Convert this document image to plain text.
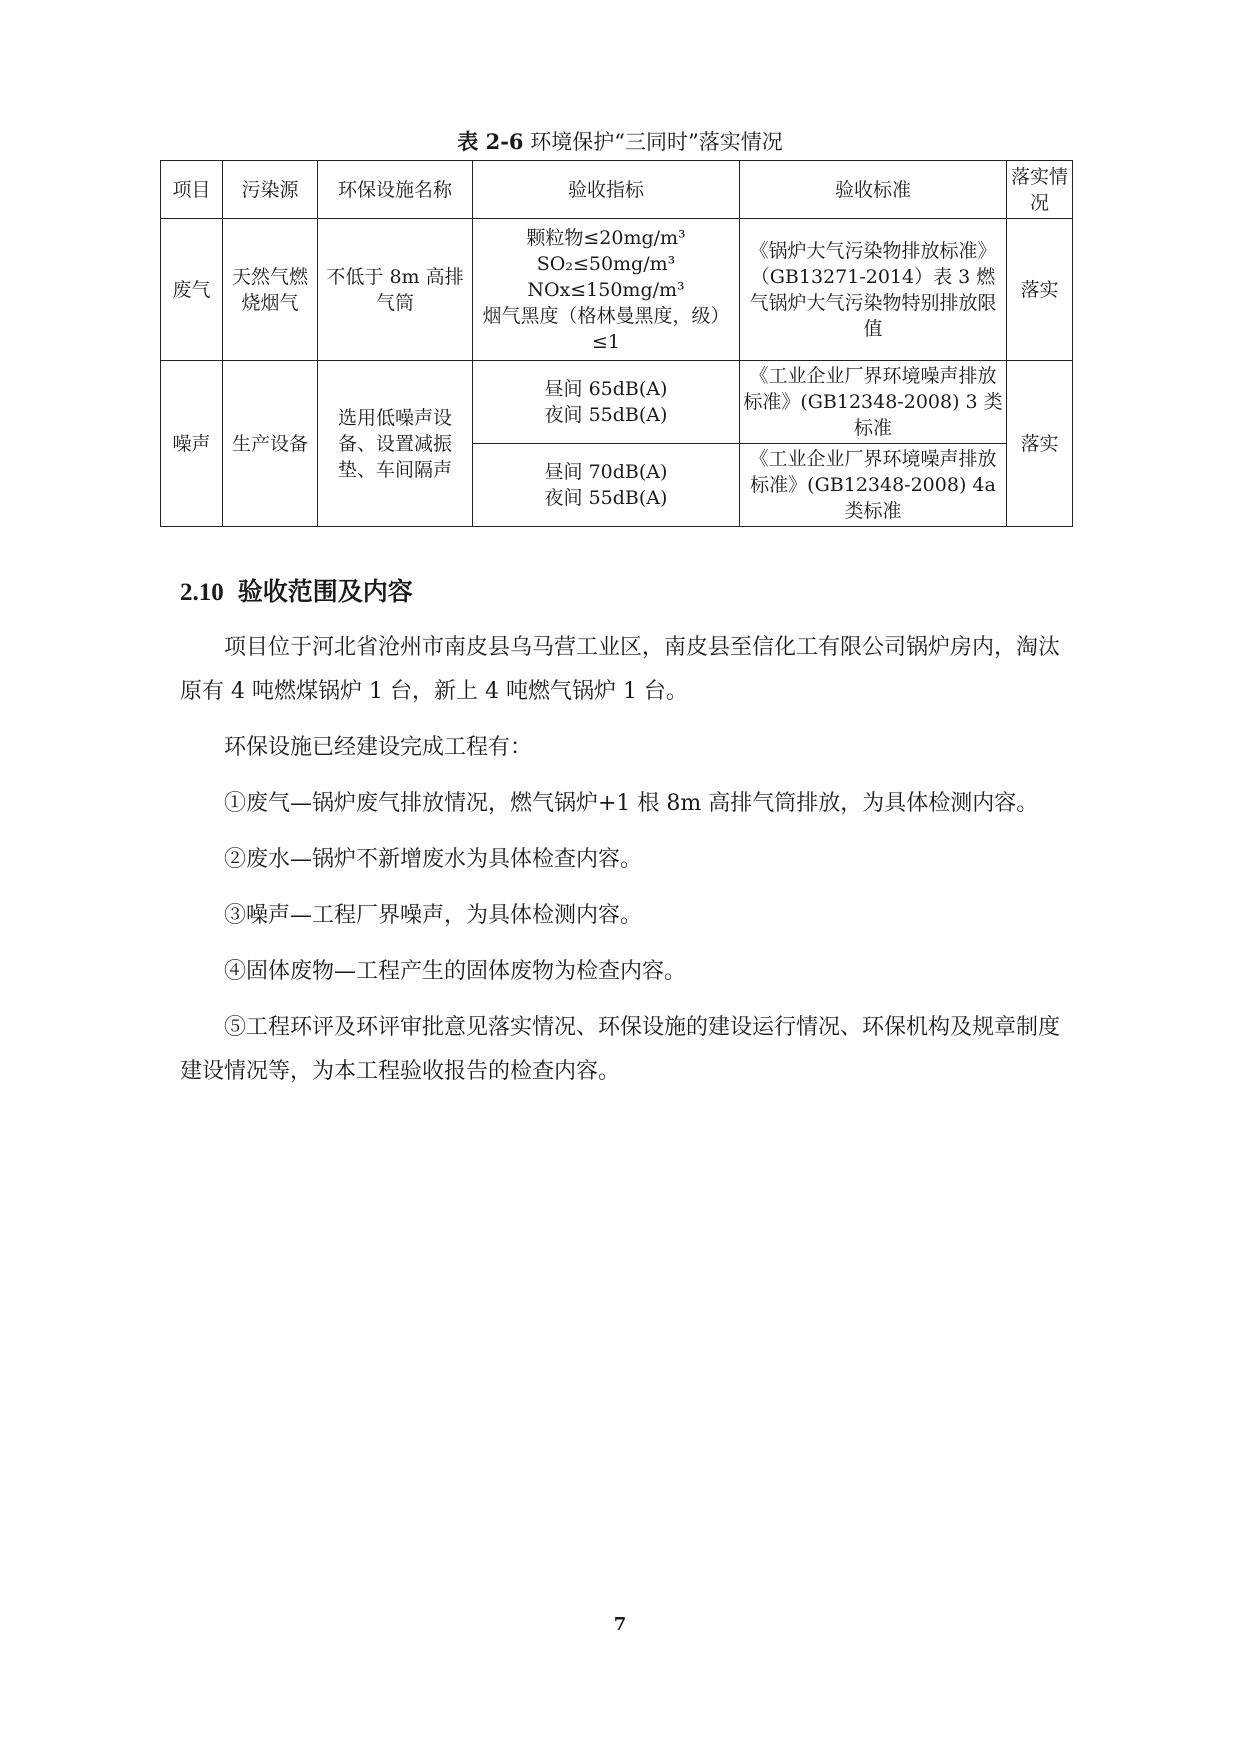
表 2-6 环境保护“三同时”落实情况
项目	污染源	环保设施名称	验收指标	验收标准	落实情况
废气	天然气燃烧烟气	不低于 8m 高排气筒	颗粒物≤20mg/m³
SO₂≤50mg/m³
NOx≤150mg/m³
烟气黑度（格林曼黑度，级）≤1	《锅炉大气污染物排放标准》（GB13271-2014）表 3 燃气锅炉大气污染物特别排放限值	落实
噪声	生产设备	选用低噪声设备、设置减振垫、车间隔声	昼间 65dB(A)
夜间 55dB(A)	《工业企业厂界环境噪声排放标准》(GB12348-2008) 3 类标准	落实

			昼间 70dB(A)
夜间 55dB(A)	《工业企业厂界环境噪声排放标准》(GB12348-2008) 4a 类标准	
2.10 验收范围及内容

项目位于河北省沧州市南皮县乌马营工业区，南皮县至信化工有限公司锅炉房内，淘汰原有 4 吨燃煤锅炉 1 台，新上 4 吨燃气锅炉 1 台。

环保设施已经建设完成工程有：

①废气—锅炉废气排放情况，燃气锅炉+1 根 8m 高排气筒排放，为具体检测内容。

②废水—锅炉不新增废水为具体检查内容。

③噪声—工程厂界噪声，为具体检测内容。

④固体废物—工程产生的固体废物为检查内容。

⑤工程环评及环评审批意见落实情况、环保设施的建设运行情况、环保机构及规章制度建设情况等，为本工程验收报告的检查内容。

7
